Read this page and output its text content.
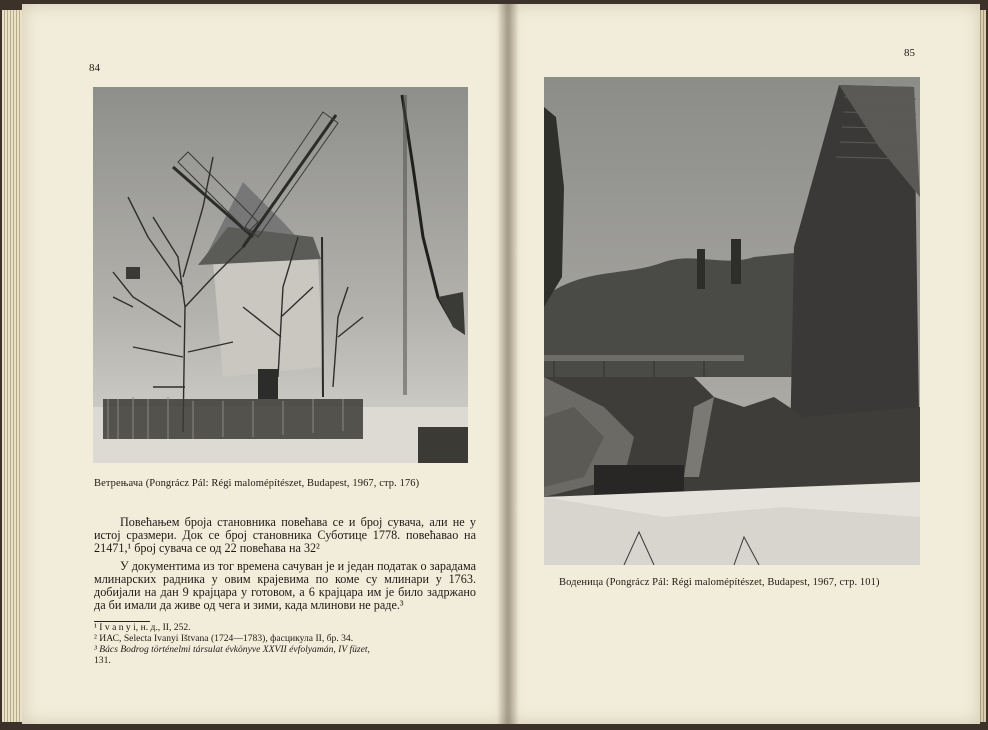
84
Ветрењача (Pongrácz Pál: Régi malomépítészet, Budapest, 1967, стр. 176)

Повећањем броја становника повећава се и број сувача, али не у истој сразмери. Док се број становника Суботице 1778. повећавао на 21471,¹ број сувача се од 22 повећава на 32²

У документима из тог времена сачуван је и један податак о зарадама млинарских радника у овим крајевима по коме су млинари у 1763. добијали на дан 9 крајцара у готовом, а 6 крајцара им је било задржано да би имали да живе од чега и зими, када млинови не раде.³

¹ I v a n y i, н. д., II, 252.
² ИАС, Selecta Ivanyi Ištvana (1724—1783), фасцикула II, бр. 34.
³ Bács Bodrog történelmi társulat évkönyve XXVII évfolyamán, IV füzet,
131.
85
Воденица (Pongrácz Pál: Régi malomépítészet, Budapest, 1967, стр. 101)
